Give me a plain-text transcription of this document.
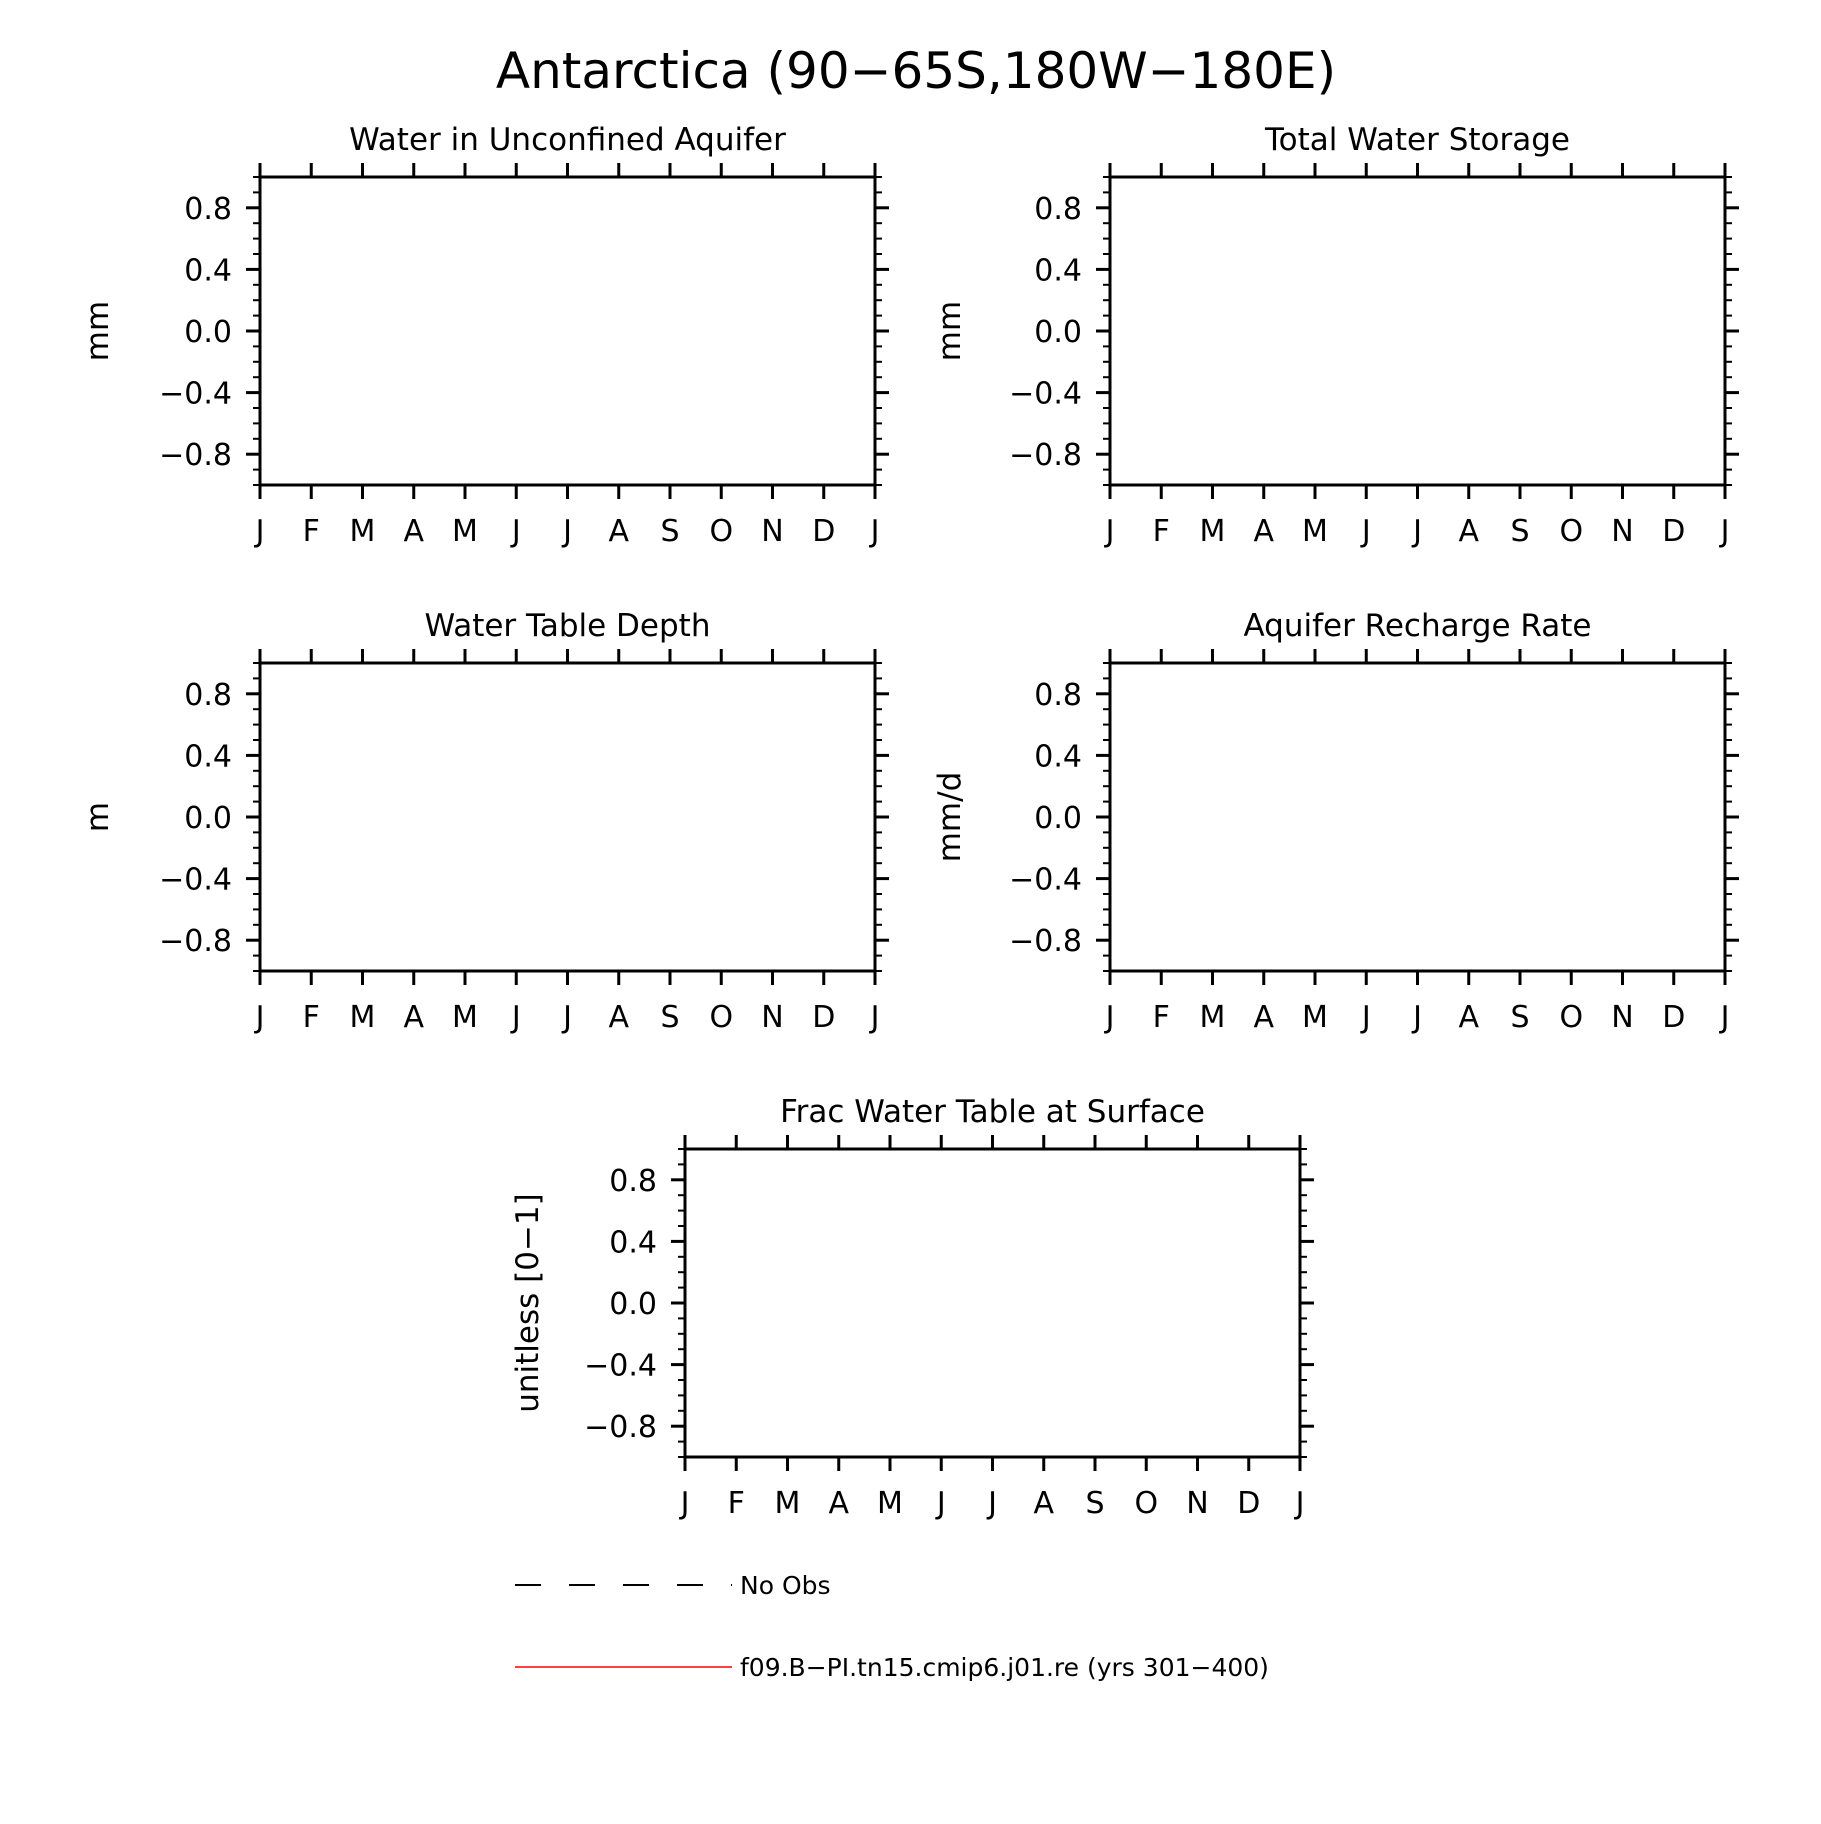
Antarctica (90−65S,180W−180E)
Water in Unconfined Aquifer
J F M A M J J A S O N D J
0.8
0.4
0.0
−0.4
−0.8
mm
Total Water Storage
J F M A M J J A S O N D J
0.8
0.4
0.0
−0.4
−0.8
mm
Water Table Depth
J F M A M J J A S O N D J
0.8
0.4
0.0
−0.4
−0.8
m
Aquifer Recharge Rate
J F M A M J J A S O N D J
0.8
0.4
0.0
−0.4
−0.8
mm/d
Frac Water Table at Surface
J F M A M J J A S O N D J
0.8
0.4
0.0
−0.4
−0.8
unitless [0−1]
No Obs
f09.B−PI.tn15.cmip6.j01.re (yrs 301−400)
